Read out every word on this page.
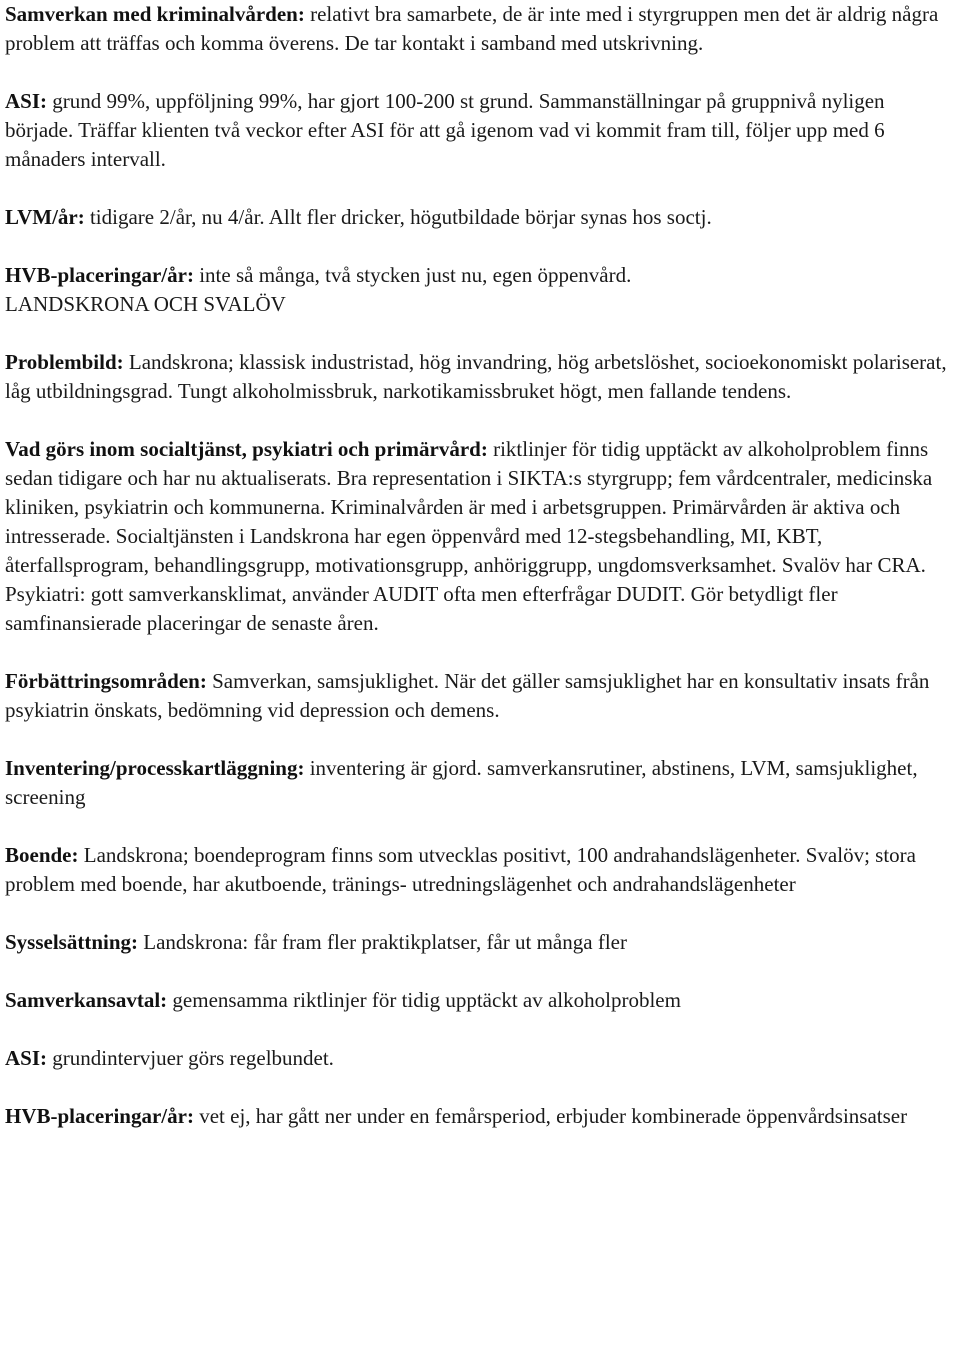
Samverkan med kriminalvården: relativt bra samarbete, de är inte med i styrgruppen men det är aldrig några problem att träffas och komma överens. De tar kontakt i samband med utskrivning.

ASI: grund 99%, uppföljning 99%, har gjort 100-200 st grund. Sammanställningar på gruppnivå nyligen började. Träffar klienten två veckor efter ASI för att gå igenom vad vi kommit fram till, följer upp med 6 månaders intervall.

LVM/år: tidigare 2/år, nu 4/år. Allt fler dricker, högutbildade börjar synas hos soctj.

HVB-placeringar/år: inte så många, två stycken just nu, egen öppenvård.

LANDSKRONA OCH SVALÖV

Problembild: Landskrona; klassisk industristad, hög invandring, hög arbetslöshet, socioekonomiskt polariserat, låg utbildningsgrad. Tungt alkoholmissbruk, narkotikamissbruket högt, men fallande tendens.

Vad görs inom socialtjänst, psykiatri och primärvård: riktlinjer för tidig upptäckt av alkoholproblem finns sedan tidigare och har nu aktualiserats. Bra representation i SIKTA:s styrgrupp; fem vårdcentraler, medicinska kliniken, psykiatrin och kommunerna. Kriminalvården är med i arbetsgruppen. Primärvården är aktiva och intresserade. Socialtjänsten i Landskrona har egen öppenvård med 12-stegsbehandling, MI, KBT, återfallsprogram, behandlingsgrupp, motivationsgrupp, anhöriggrupp, ungdomsverksamhet. Svalöv har CRA. Psykiatri: gott samverkansklimat, använder AUDIT ofta men efterfrågar DUDIT. Gör betydligt fler samfinansierade placeringar de senaste åren.

Förbättringsområden: Samverkan, samsjuklighet. När det gäller samsjuklighet har en konsultativ insats från psykiatrin önskats, bedömning vid depression och demens.

Inventering/processkartläggning: inventering är gjord. samverkansrutiner, abstinens, LVM, samsjuklighet, screening

Boende: Landskrona; boendeprogram finns som utvecklas positivt, 100 andrahandslägenheter. Svalöv; stora problem med boende, har akutboende, tränings- utredningslägenhet och andrahandslägenheter

Sysselsättning: Landskrona: får fram fler praktikplatser, får ut många fler

Samverkansavtal: gemensamma riktlinjer för tidig upptäckt av alkoholproblem

ASI: grundintervjuer görs regelbundet.

HVB-placeringar/år: vet ej, har gått ner under en femårsperiod, erbjuder kombinerade öppenvårdsinsatser
